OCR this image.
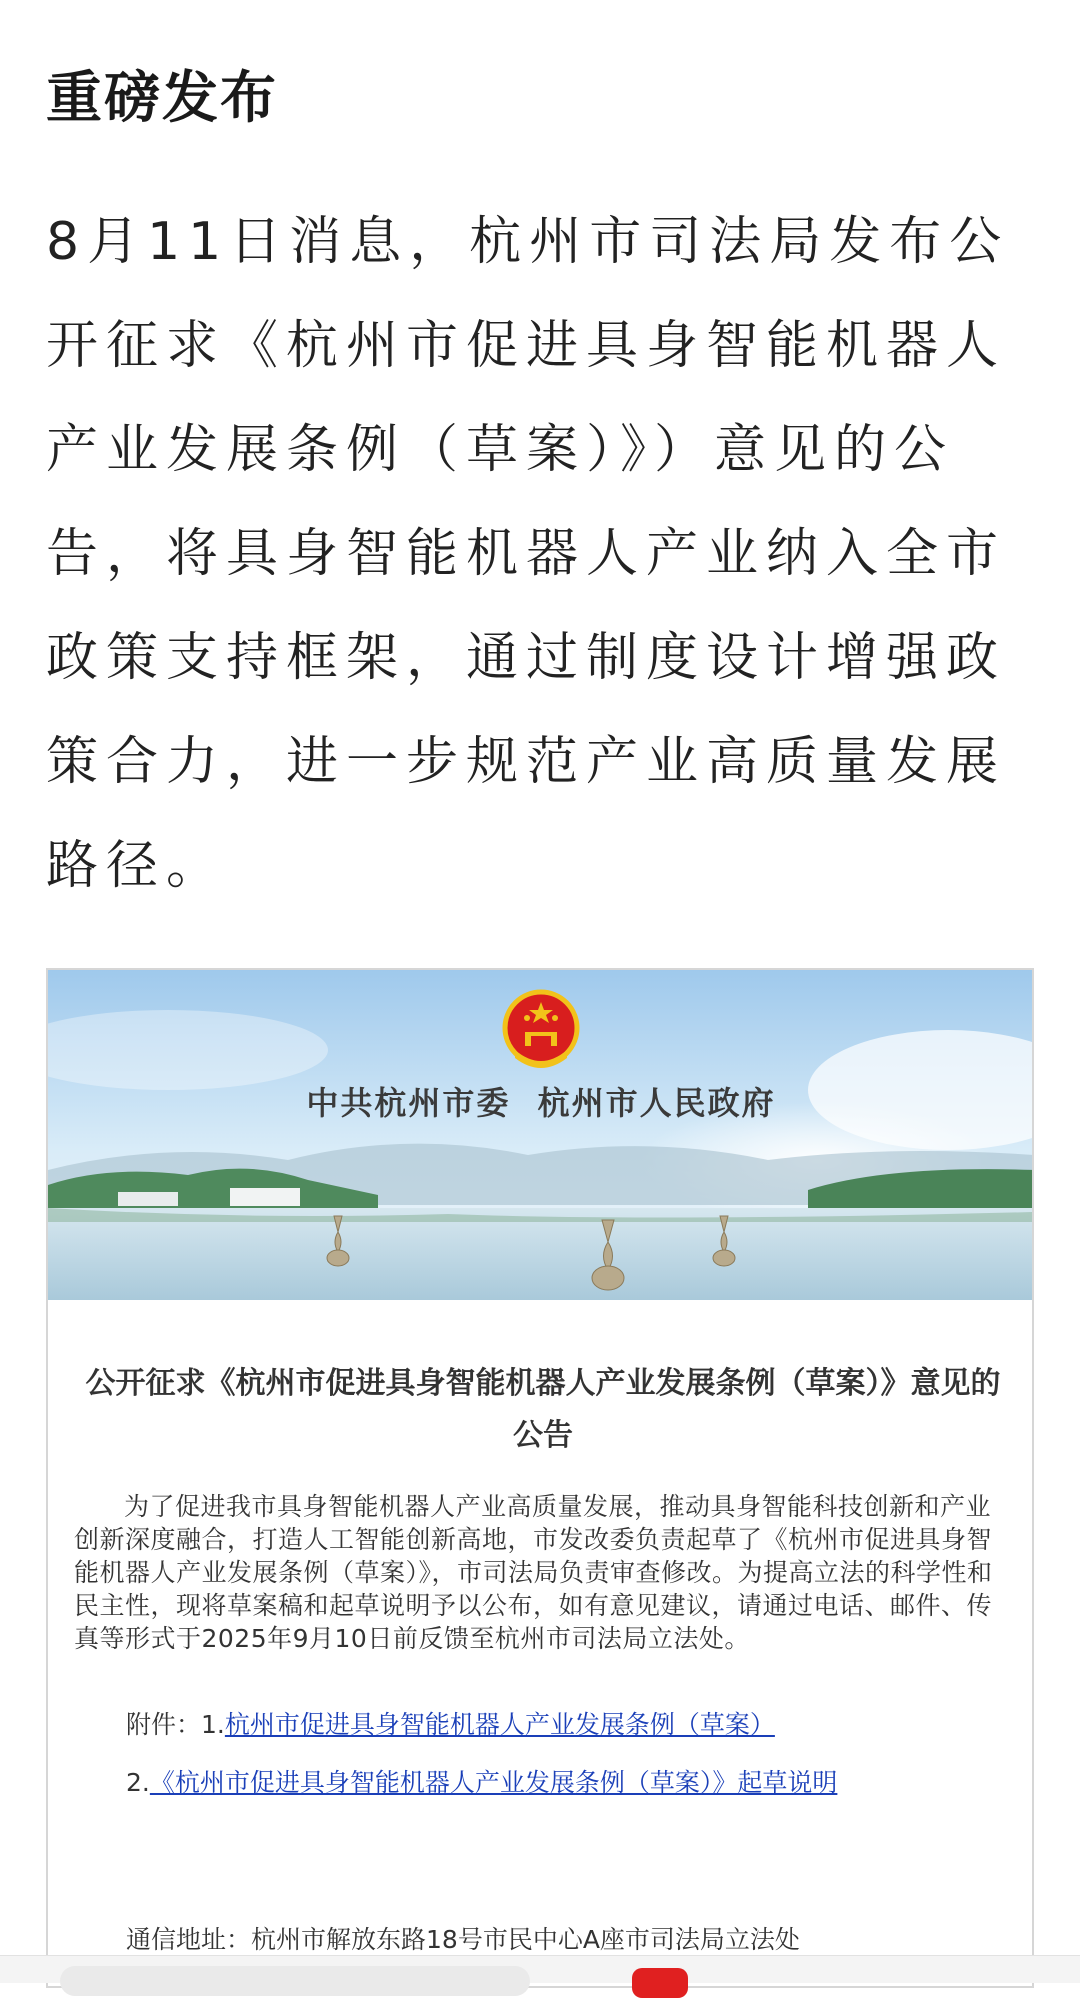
重磅发布

8月11日消息，杭州市司法局发布公开征求《杭州市促进具身智能机器人产业发展条例（草案）》）意见的公告，将具身智能机器人产业纳入全市政策支持框架，通过制度设计增强政策合力，进一步规范产业高质量发展路径。

中共杭州市委 杭州市人民政府
公开征求《杭州市促进具身智能机器人产业发展条例（草案）》意见的公告
为了促进我市具身智能机器人产业高质量发展，推动具身智能科技创新和产业创新深度融合，打造人工智能创新高地，市发改委负责起草了《杭州市促进具身智能机器人产业发展条例（草案）》，市司法局负责审查修改。为提高立法的科学性和民主性，现将草案稿和起草说明予以公布，如有意见建议，请通过电话、邮件、传真等形式于2025年9月10日前反馈至杭州市司法局立法处。
附件：1.杭州市促进具身智能机器人产业发展条例（草案）
2.《杭州市促进具身智能机器人产业发展条例（草案）》起草说明
通信地址：杭州市解放东路18号市民中心A座市司法局立法处
